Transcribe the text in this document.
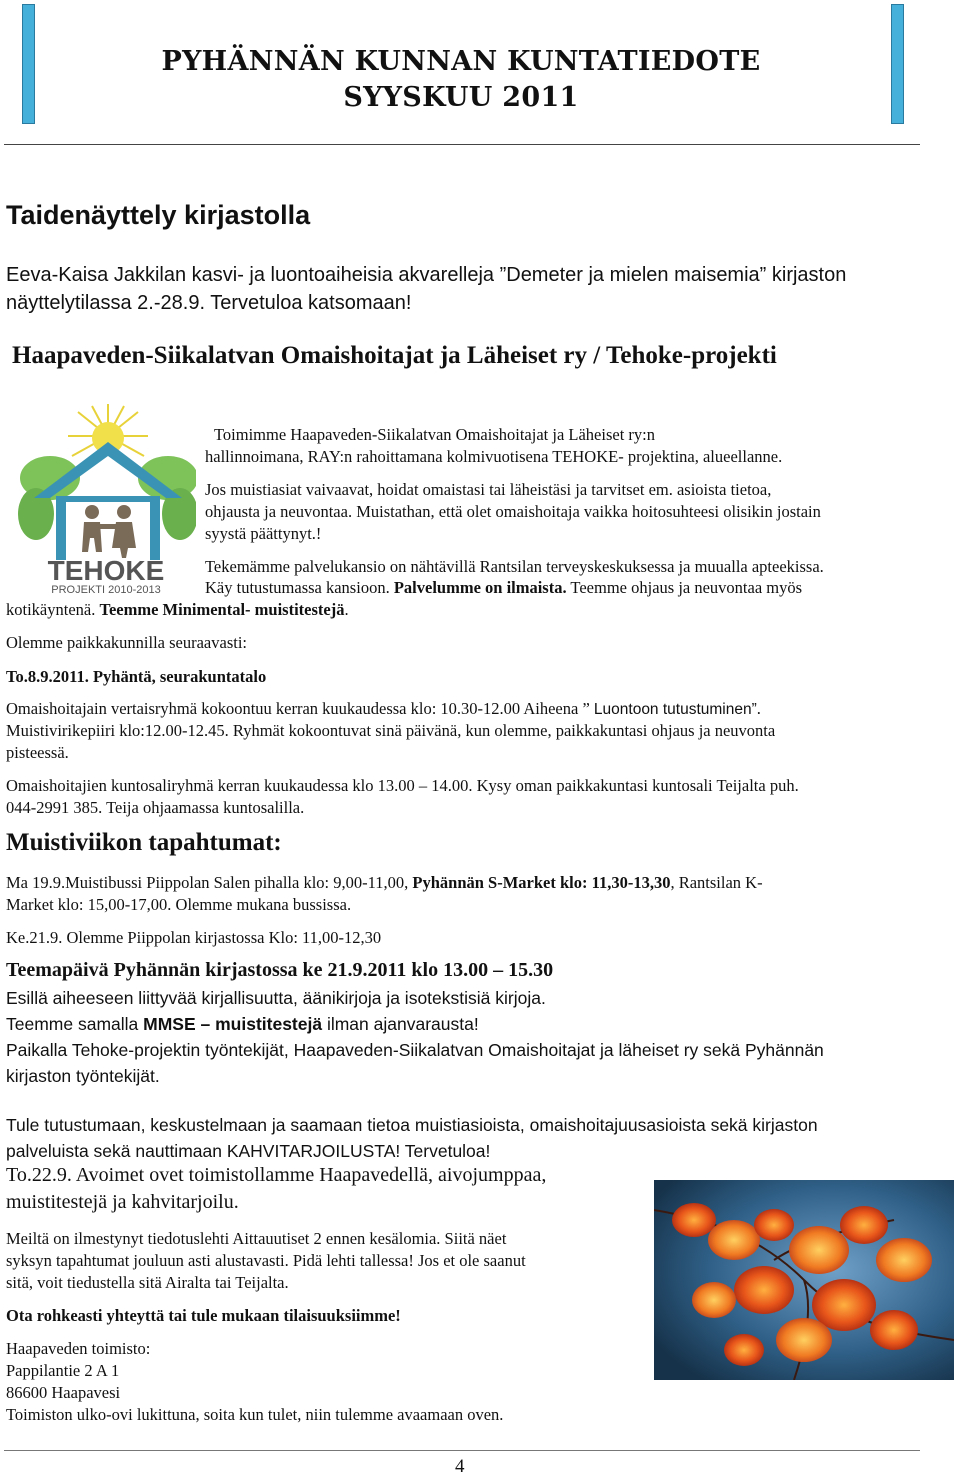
PYHÄNNÄN KUNNAN KUNTATIEDOTE
SYYSKUU 2011
Taidenäyttely kirjastolla
Eeva-Kaisa Jakkilan kasvi- ja luontoaiheisia akvarelleja ”Demeter ja mielen maisemia” kirjaston
näyttelytilassa 2.-28.9. Tervetuloa katsomaan!
Haapaveden-Siikalatvan Omaishoitajat ja Läheiset ry / Tehoke-projekti
TEHOKE
PROJEKTI 2010-2013
Toimimme Haapaveden-Siikalatvan Omaishoitajat ja Läheiset ry:n
hallinnoimana, RAY:n rahoittamana kolmivuotisena TEHOKE- projektina, alueellanne.
Jos muistiasiat vaivaavat, hoidat omaistasi tai läheistäsi ja tarvitset em. asioista tietoa,
ohjausta ja neuvontaa. Muistathan, että olet omaishoitaja vaikka hoitosuhteesi olisikin jostain
syystä päättynyt.!
Tekemämme palvelukansio on nähtävillä Rantsilan terveyskeskuksessa ja muualla apteekissa.
Käy tutustumassa kansioon. Palvelumme on ilmaista. Teemme ohjaus ja neuvontaa myös
kotikäyntenä. Teemme Minimental- muistitestejä.
Olemme paikkakunnilla seuraavasti:
To.8.9.2011. Pyhäntä, seurakuntatalo
Omaishoitajain vertaisryhmä kokoontuu kerran kuukaudessa klo: 10.30-12.00 Aiheena ” Luontoon tutustuminen”.
Muistivirikepiiri klo:12.00-12.45. Ryhmät kokoontuvat sinä päivänä, kun olemme, paikkakuntasi ohjaus ja neuvonta
pisteessä.
Omaishoitajien kuntosaliryhmä kerran kuukaudessa klo 13.00 – 14.00. Kysy oman paikkakuntasi kuntosali Teijalta puh.
044-2991 385. Teija ohjaamassa kuntosalilla.
Muistiviikon tapahtumat:
Ma 19.9.Muistibussi Piippolan Salen pihalla klo: 9,00-11,00, Pyhännän S-Market klo: 11,30-13,30, Rantsilan K-
Market klo: 15,00-17,00. Olemme mukana bussissa.
Ke.21.9. Olemme Piippolan kirjastossa Klo: 11,00-12,30
Teemapäivä Pyhännän kirjastossa ke 21.9.2011 klo 13.00 – 15.30
Esillä aiheeseen liittyvää kirjallisuutta, äänikirjoja ja isotekstisiä kirjoja.
Teemme samalla MMSE – muistitestejä ilman ajanvarausta!
Paikalla Tehoke-projektin työntekijät, Haapaveden-Siikalatvan Omaishoitajat ja läheiset ry sekä Pyhännän
kirjaston työntekijät.
Tule tutustumaan, keskustelmaan ja saamaan tietoa muistiasioista, omaishoitajuusasioista sekä kirjaston
palveluista sekä nauttimaan KAHVITARJOILUSTA! Tervetuloa!
To.22.9. Avoimet ovet toimistollamme Haapavedellä, aivojumppaa,
muistitestejä ja kahvitarjoilu.
Meiltä on ilmestynyt tiedotuslehti Aittauutiset 2 ennen kesälomia. Siitä näet
syksyn tapahtumat jouluun asti alustavasti. Pidä lehti tallessa! Jos et ole saanut
sitä, voit tiedustella sitä Airalta tai Teijalta.
Ota rohkeasti yhteyttä tai tule mukaan tilaisuuksiimme!
Haapaveden toimisto:
Pappilantie 2 A 1
86600 Haapavesi
Toimiston ulko-ovi lukittuna, soita kun tulet, niin tulemme avaamaan oven.
4
